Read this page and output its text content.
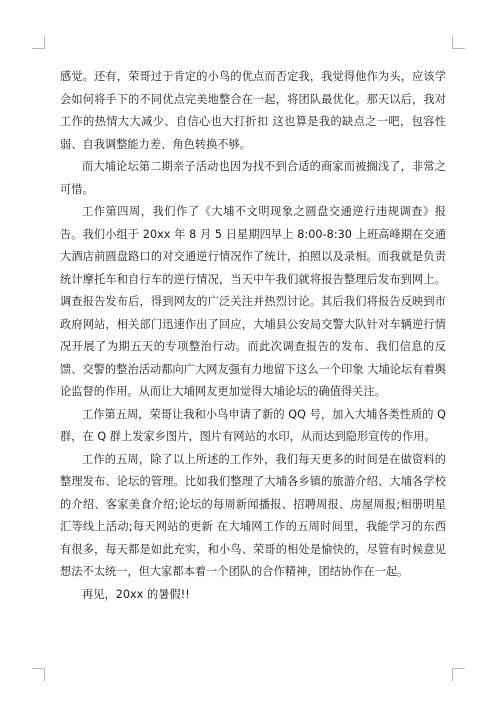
感觉。还有，荣哥过于肯定的小鸟的优点而否定我，我觉得他作为头，应该学会如何将手下的不同优点完美地整合在一起，将团队最优化。那天以后，我对工作的热情大大减少、自信心也大打折扣 这也算是我的缺点之一吧，包容性弱、自我调整能力差、角色转换不够。

而大埔论坛第二期亲子活动也因为找不到合适的商家而被搁浅了，非常之可惜。

工作第四周，我们作了《大埔不文明现象之圆盘交通逆行违规调查》报告。我们小组于 20xx 年 8 月 5 日星期四早上 8:00-8:30 上班高峰期在交通大酒店前圆盘路口的对交通逆行情况作了统计，拍照以及录相。而我就是负责统计摩托车和自行车的逆行情况，当天中午我们就将报告整理后发布到网上。调查报告发布后，得到网友的广泛关注并热烈讨论。其后我们将报告反映到市政府网站，相关部门迅速作出了回应，大埔县公安局交警大队针对车辆逆行情况开展了为期五天的专项整治行动。而此次调查报告的发布、我们信息的反馈、交警的整治活动都向广大网友强有力地留下这么一个印象 大埔论坛有着舆论监督的作用。从而让大埔网友更加觉得大埔论坛的确值得关注。

工作第五周，荣哥让我和小鸟申请了新的 QQ 号，加入大埔各类性质的 Q 群，在 Q 群上发家乡图片，图片有网站的水印，从而达到隐形宣传的作用。

工作的五周，除了以上所述的工作外，我们每天更多的时间是在做资料的整理发布、论坛的管理。比如我们整理了大埔各乡镇的旅游介绍、大埔各学校的介绍、客家美食介绍;论坛的每周新闻播报、招聘周报、房屋周报;相册明星汇等线上活动;每天网站的更新 在大埔网工作的五周时间里，我能学习的东西有很多，每天都是如此充实，和小鸟、荣哥的相处是愉快的，尽管有时候意见想法不太统一，但大家都本着一个团队的合作精神，团结协作在一起。

再见，20xx 的暑假!!
